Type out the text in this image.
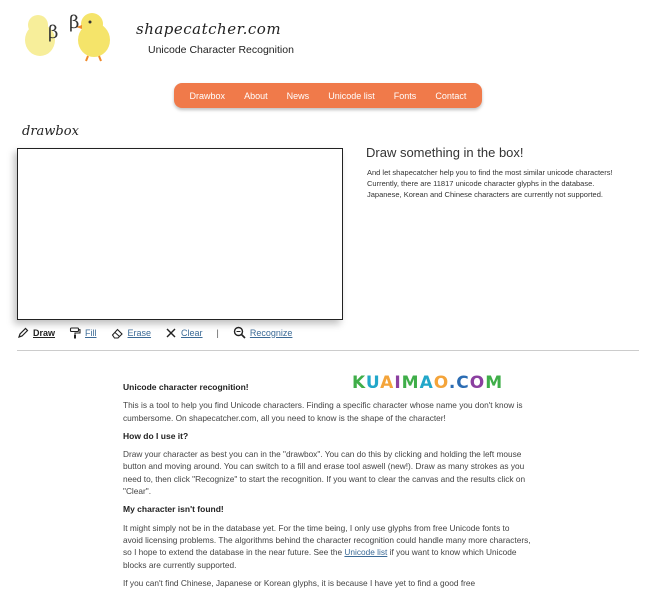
β β	shapecatcher.com
Unicode Character Recognition
Drawbox About News Unicode list Fonts Contact
drawbox
Draw	Fill	Erase	Clear |	Recognize
Draw something in the box!
And let shapecatcher help you to find the most similar unicode characters!
Currently, there are 11817 unicode character glyphs in the database. Japanese, Korean and Chinese characters are currently not supported.
KUAIMAO.COM
Unicode character recognition!

This is a tool to help you find Unicode characters. Finding a specific character whose name you don't know is cumbersome. On shapecatcher.com, all you need to know is the shape of the character!

How do I use it?

Draw your character as best you can in the "drawbox". You can do this by clicking and holding the left mouse button and moving around. You can switch to a fill and erase tool aswell (new!). Draw as many strokes as you need to, then click "Recognize" to start the recognition. If you want to clear the canvas and the results click on "Clear".

My character isn't found!

It might simply not be in the database yet. For the time being, I only use glyphs from free Unicode fonts to avoid licensing problems. The algorithms behind the character recognition could handle many more characters, so I hope to extend the database in the near future. See the Unicode list if you want to know which Unicode blocks are currently supported.

If you can't find Chinese, Japanese or Korean glyphs, it is because I have yet to find a good free
